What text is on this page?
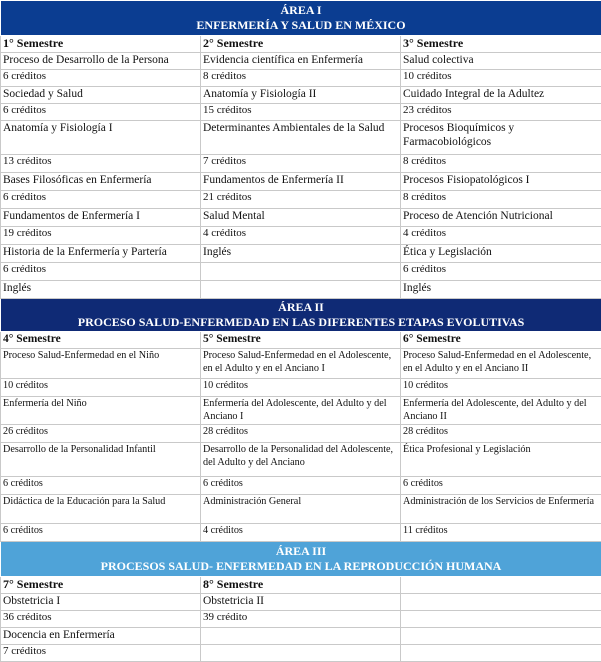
ÁREA I
ENFERMERÍA Y SALUD EN MÉXICO		

1° Semestre	2° Semestre	3° Semestre
Proceso de Desarrollo de la Persona	Evidencia científica en Enfermería	Salud colectiva
6 créditos	8 créditos	10 créditos
Sociedad y Salud	Anatomía y Fisiología II	Cuidado Integral de la Adultez
6 créditos	15 créditos	23 créditos
Anatomía y Fisiología I	Determinantes Ambientales de la Salud	Procesos Bioquímicos y Farmacobiológicos
13 créditos	7 créditos	8 créditos
Bases Filosóficas en Enfermería	Fundamentos de Enfermería II	Procesos Fisiopatológicos I
6 créditos	21 créditos	8 créditos
Fundamentos de Enfermería I	Salud Mental	Proceso de Atención Nutricional
19 créditos	4 créditos	4 créditos
Historia de la Enfermería y Partería	Inglés	Ética y Legislación
6 créditos		6 créditos
Inglés		Inglés

ÁREA II
PROCESO SALUD-ENFERMEDAD EN LAS DIFERENTES ETAPAS EVOLUTIVAS		

4° Semestre	5° Semestre	6° Semestre
Proceso Salud-Enfermedad en el Niño	Proceso Salud-Enfermedad en el Adolescente, en el Adulto y en el Anciano I	Proceso Salud-Enfermedad en el Adolescente, en el Adulto y en el Anciano II
10 créditos	10 créditos	10 créditos
Enfermería del Niño	Enfermería del Adolescente, del Adulto y del Anciano I	Enfermería del Adolescente, del Adulto y del Anciano II
26 créditos	28 créditos	28 créditos
Desarrollo de la Personalidad Infantil	Desarrollo de la Personalidad del Adolescente, del Adulto y del Anciano	Ética Profesional y Legislación
6 créditos	6 créditos	6 créditos
Didáctica de la Educación para la Salud	Administración General	Administración de los Servicios de Enfermería
6 créditos	4 créditos	11 créditos

ÁREA III
PROCESOS SALUD- ENFERMEDAD EN LA REPRODUCCIÓN HUMANA		

7° Semestre	8° Semestre	
Obstetricia I	Obstetricia II	
36 créditos	39 crédito	
Docencia en Enfermería		
7 créditos		
